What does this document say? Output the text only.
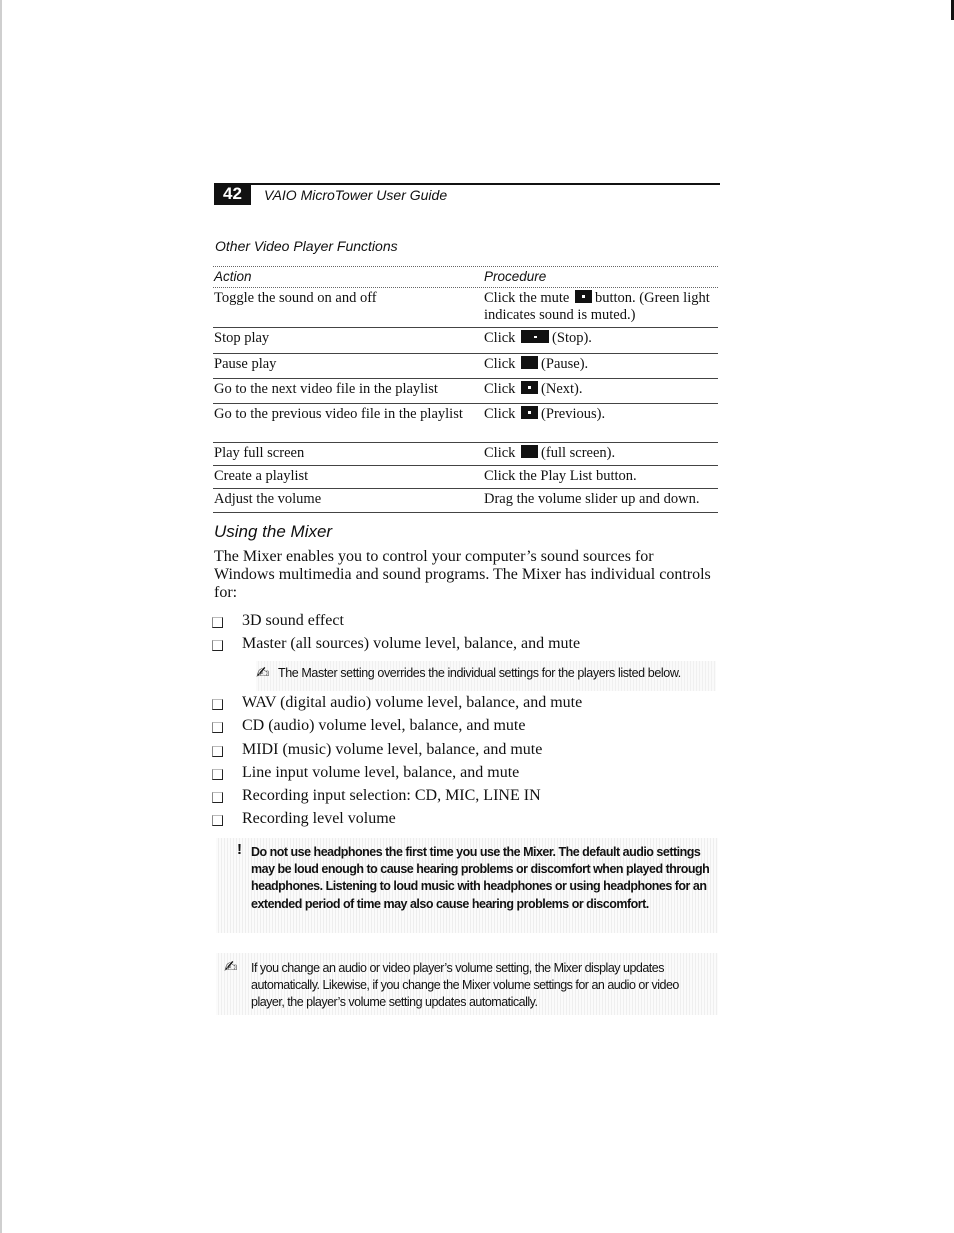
42	VAIO MicroTower User Guide
Other Video Player Functions
Action	Procedure
Toggle the sound on and off	Click the mute button. (Green light indicates sound is muted.)
Stop play	Click (Stop).
Pause play	Click (Pause).
Go to the next video file in the playlist	Click (Next).
Go to the previous video file in the playlist	Click (Previous).
Play full screen	Click (full screen).
Create a playlist	Click the Play List button.
Adjust the volume	Drag the volume slider up and down.
Using the Mixer
The Mixer enables you to control your computer’s sound sources for Windows multimedia and sound programs. The Mixer has individual controls for:
3D sound effect
Master (all sources) volume level, balance, and mute
✍ The Master setting overrides the individual settings for the players listed below.
WAV (digital audio) volume level, balance, and mute
CD (audio) volume level, balance, and mute
MIDI (music) volume level, balance, and mute
Line input volume level, balance, and mute
Recording input selection: CD, MIC, LINE IN
Recording level volume
! Do not use headphones the first time you use the Mixer. The default audio settings may be loud enough to cause hearing problems or discomfort when played through headphones. Listening to loud music with headphones or using headphones for an extended period of time may also cause hearing problems or discomfort.
✍ If you change an audio or video player’s volume setting, the Mixer display updates automatically. Likewise, if you change the Mixer volume settings for an audio or video player, the player’s volume setting updates automatically.
